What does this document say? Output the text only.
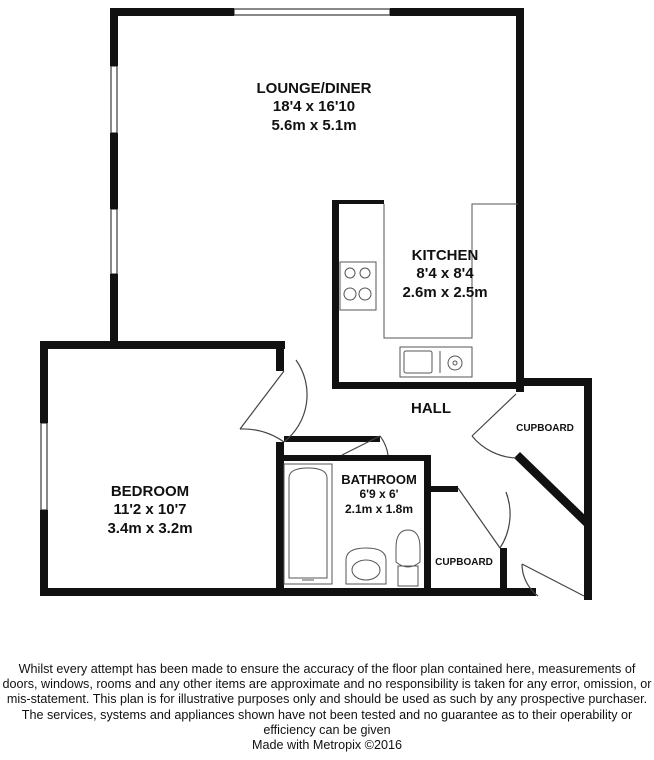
LOUNGE/DINER
18'4 x 16'10
5.6m x 5.1m
KITCHEN
8'4 x 8'4
2.6m x 2.5m
BEDROOM
11'2 x 10'7
3.4m x 3.2m
BATHROOM
6'9 x 6'
2.1m x 1.8m
HALL
CUPBOARD
CUPBOARD

Whilst every attempt has been made to ensure the accuracy of the floor plan contained here, measurements of doors, windows, rooms and any other items are approximate and no responsibility is taken for any error, omission, or mis-statement. This plan is for illustrative purposes only and should be used as such by any prospective purchaser. The services, systems and appliances shown have not been tested and no guarantee as to their operability or efficiency can be given

Made with Metropix ©2016
